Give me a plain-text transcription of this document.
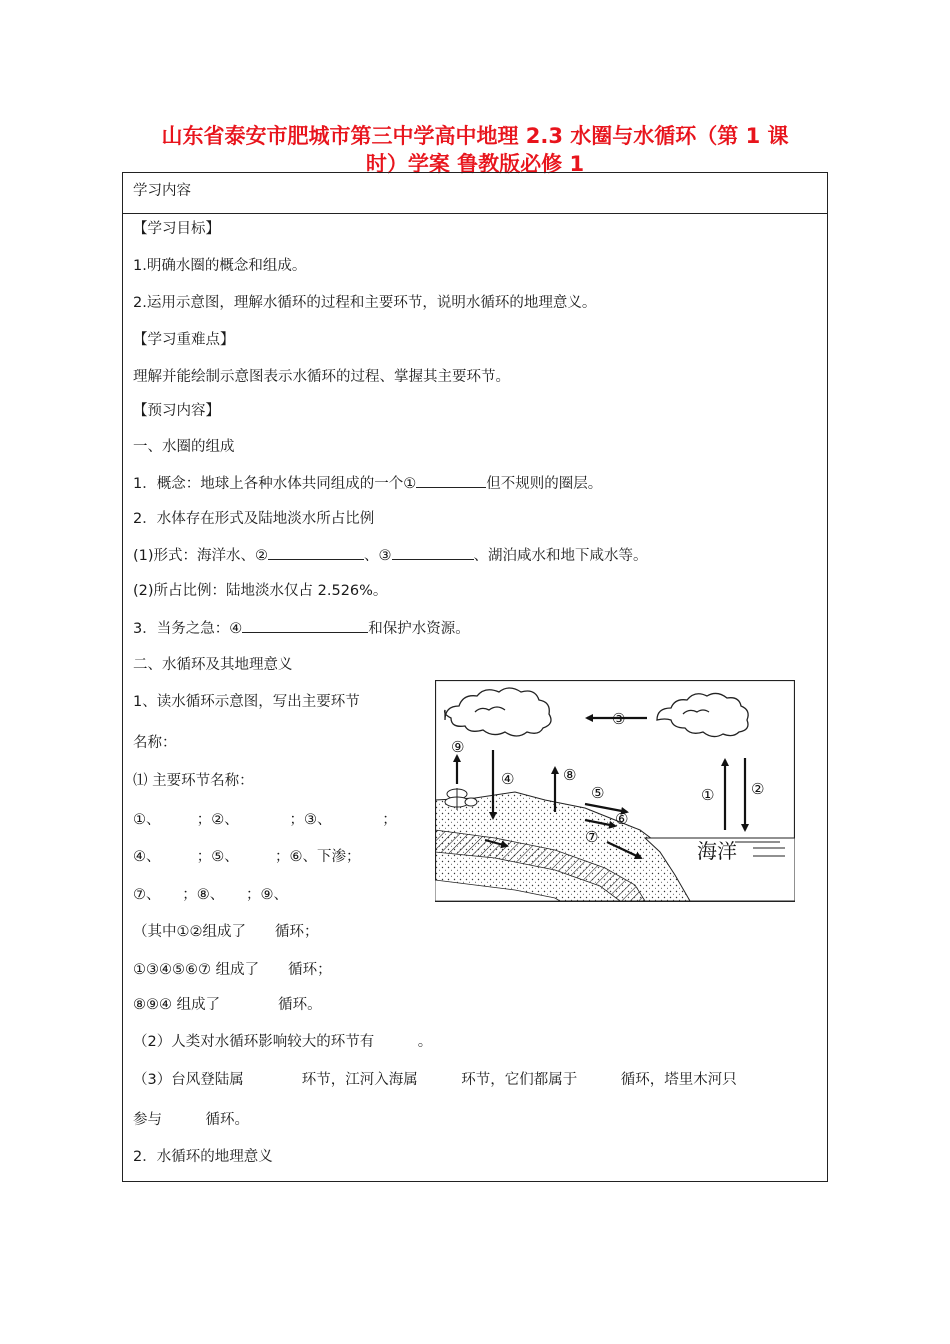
山东省泰安市肥城市第三中学高中地理 2.3 水圈与水循环（第 1 课
时）学案 鲁教版必修 1
学习内容
【学习目标】
1.明确水圈的概念和组成。
2.运用示意图，理解水循环的过程和主要环节，说明水循环的地理意义。
【学习重难点】
理解并能绘制示意图表示水循环的过程、掌握其主要环节。
【预习内容】
一、水圈的组成
1．概念：地球上各种水体共同组成的一个①	但不规则的圈层。
2．水体存在形式及陆地淡水所占比例
(1)形式：海洋水、②	、③	、湖泊咸水和地下咸水等。
(2)所占比例：陆地淡水仅占 2.526%。
3．当务之急：④	和保护水资源。
二、水循环及其地理意义
1、读水循环示意图，写出主要环节
名称：
⑴ 主要环节名称：
①、　　　；②、　　　　；③、　　　　；
④、　　　；⑤、　　　；⑥、下渗；
⑦、　　；⑧、　　；⑨、
（其中①②组成了　　循环；
①③④⑤⑥⑦ 组成了　　循环；
⑧⑨④ 组成了　　　　循环。
（2）人类对水循环影响较大的环节有　　　。
（3）台风登陆属　　　　环节，江河入海属　　　环节，它们都属于　　　循环，塔里木河只
参与　　　循环。
2．水循环的地理意义
海洋
③
① ②
④
⑨
⑧
⑤
⑥
⑦
